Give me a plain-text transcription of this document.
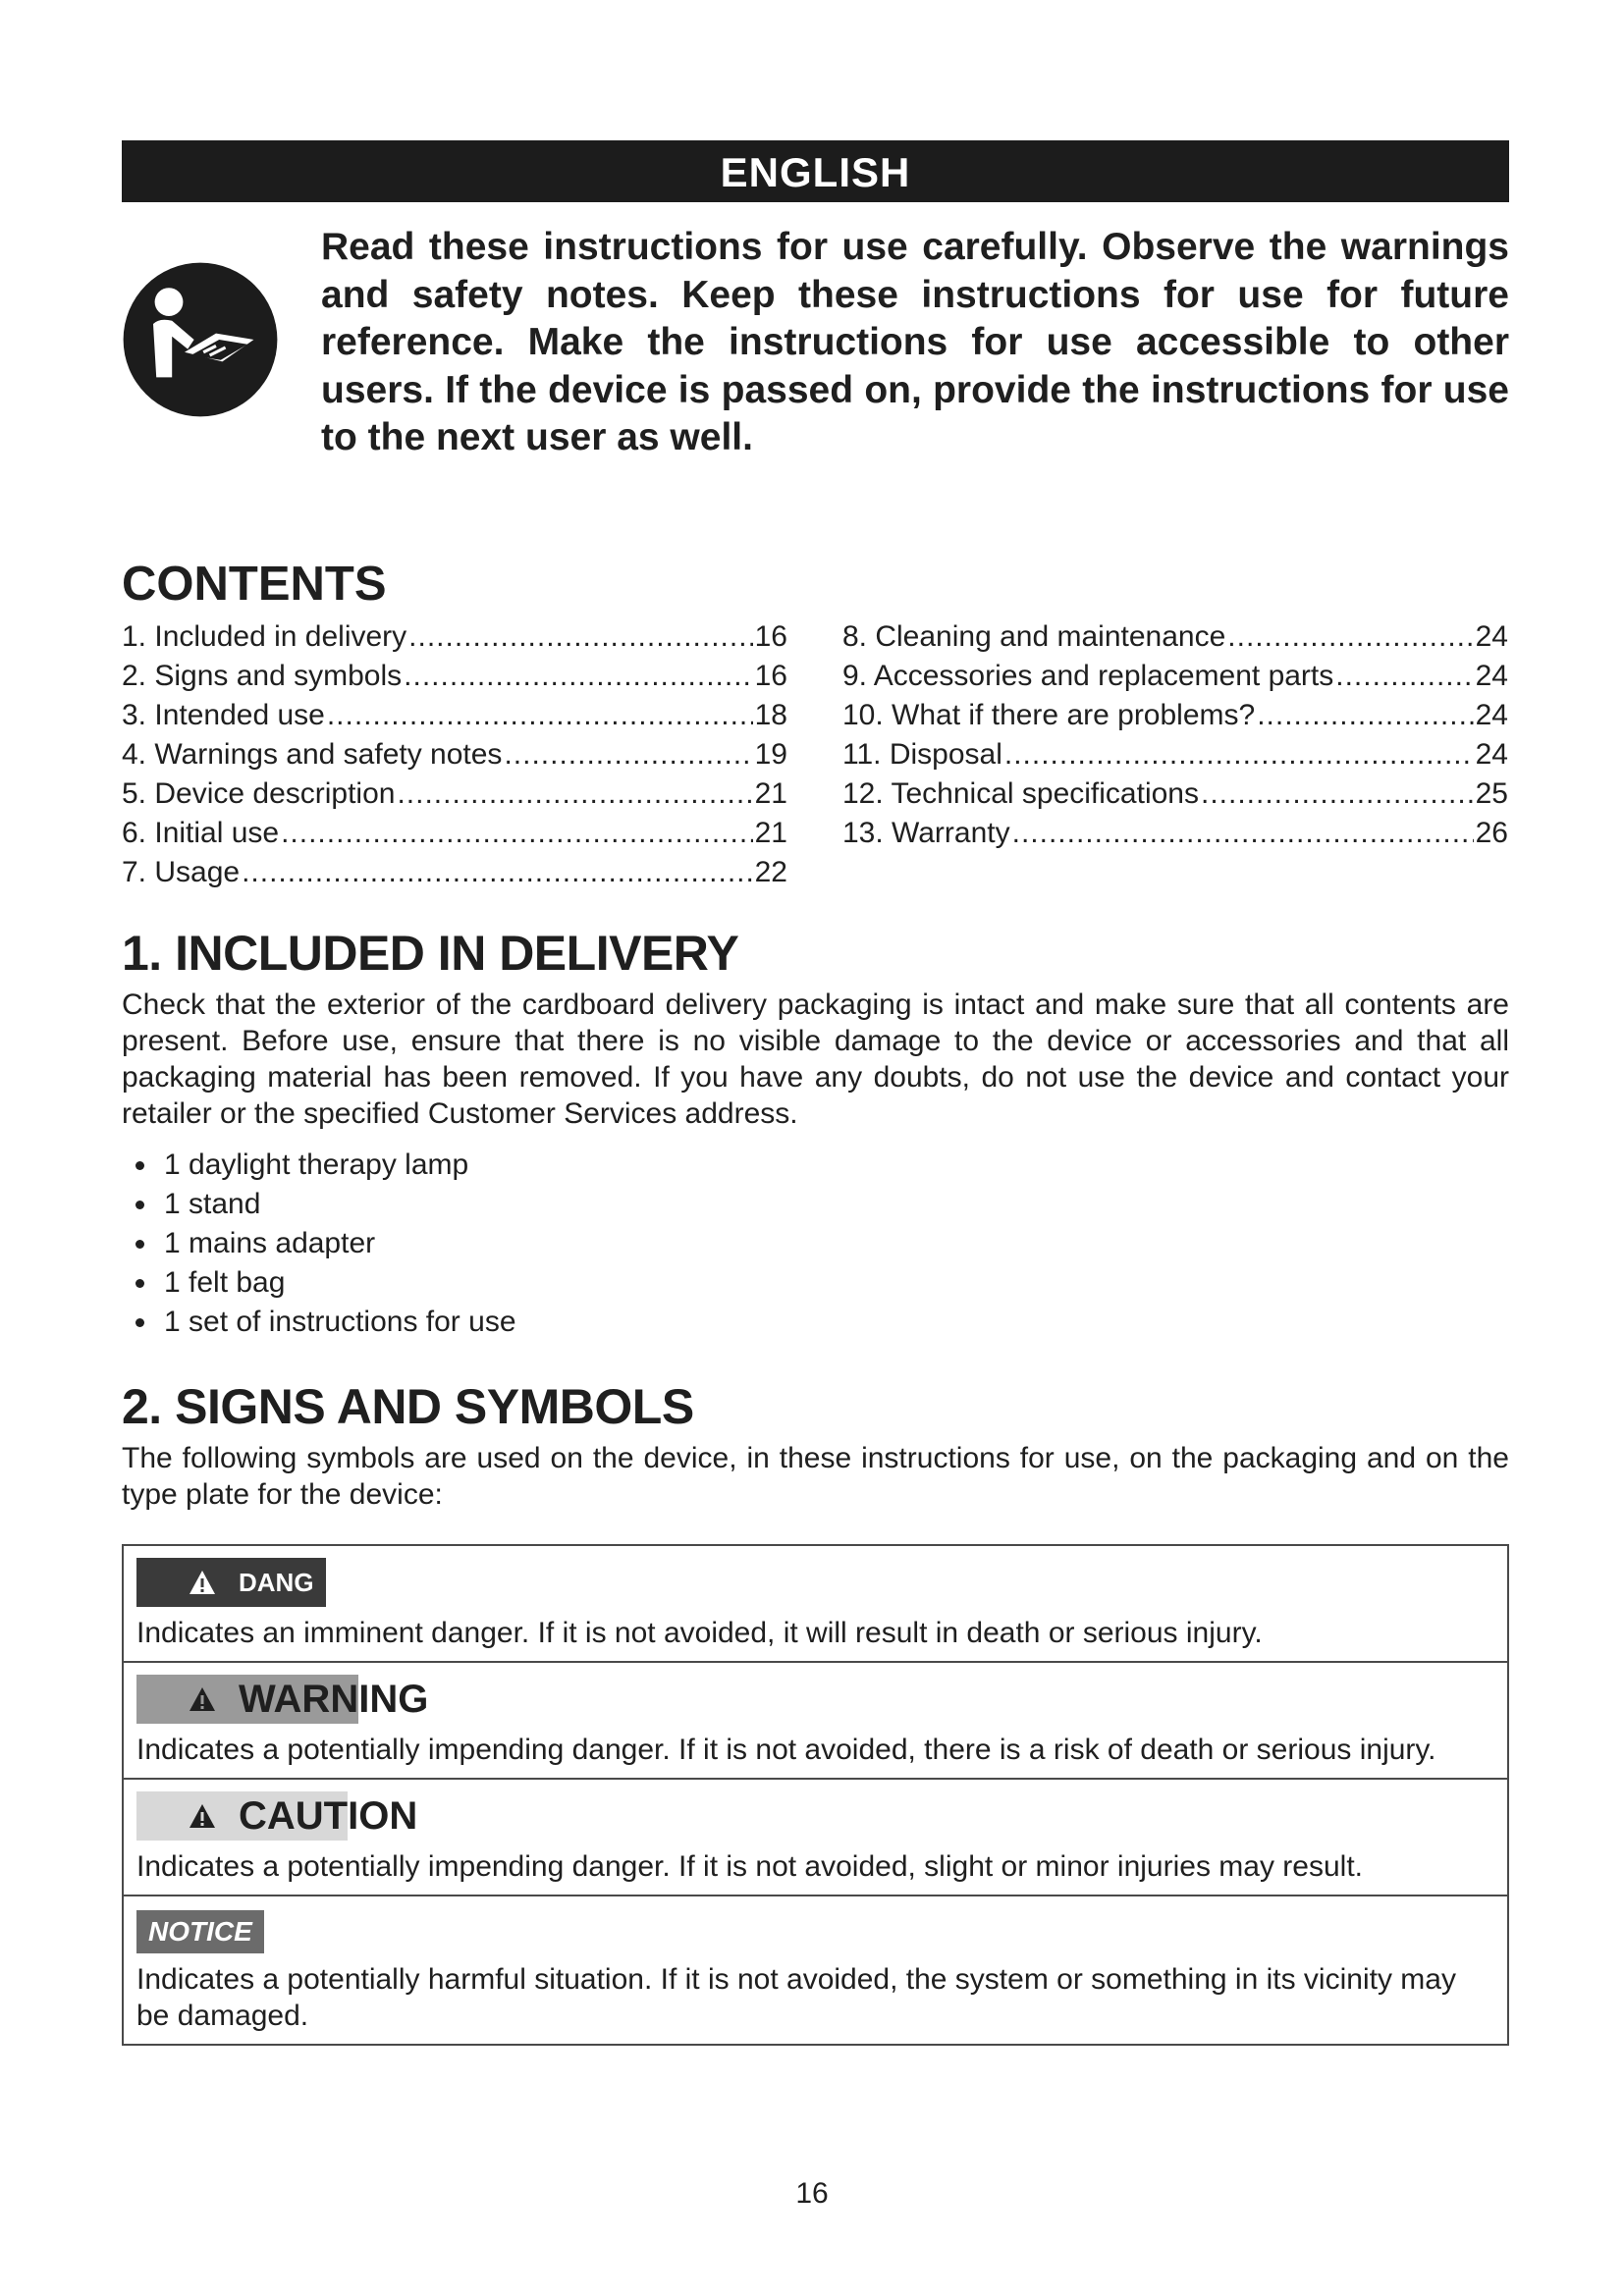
ENGLISH
Read these instructions for use carefully. Observe the warnings and safety notes. Keep these instructions for use for future reference. Make the instructions for use accessible to other users. If the device is passed on, provide the instructions for use to the next user as well.
CONTENTS
1. Included in delivery .....	16
2. Signs and symbols .....	16
3. Intended use .....	18
4. Warnings and safety notes .....	19
5. Device description .....	21
6. Initial use .....	21
7. Usage .....	22
8. Cleaning and maintenance .....	24
9. Accessories and replacement parts .....	24
10. What if there are problems? .....	24
11. Disposal .....	24
12. Technical specifications .....	25
13. Warranty .....	26
1. INCLUDED IN DELIVERY

Check that the exterior of the cardboard delivery packaging is intact and make sure that all contents are present. Before use, ensure that there is no visible damage to the device or accessories and that all packaging material has been removed. If you have any doubts, do not use the device and contact your retailer or the specified Customer Services address.

1 daylight therapy lamp
1 stand
1 mains adapter
1 felt bag
1 set of instructions for use
2. SIGNS AND SYMBOLS

The following symbols are used on the device, in these instructions for use, on the packaging and on the type plate for the device:

DANG
Indicates an imminent danger. If it is not avoided, it will result in death or serious injury.
WARN ING
Indicates a potentially impending danger. If it is not avoided, there is a risk of death or serious injury.
CAUT ION
Indicates a potentially impending danger. If it is not avoided, slight or minor injuries may result.
NOTICE
Indicates a potentially harmful situation. If it is not avoided, the system or something in its vicinity may be damaged.
16
